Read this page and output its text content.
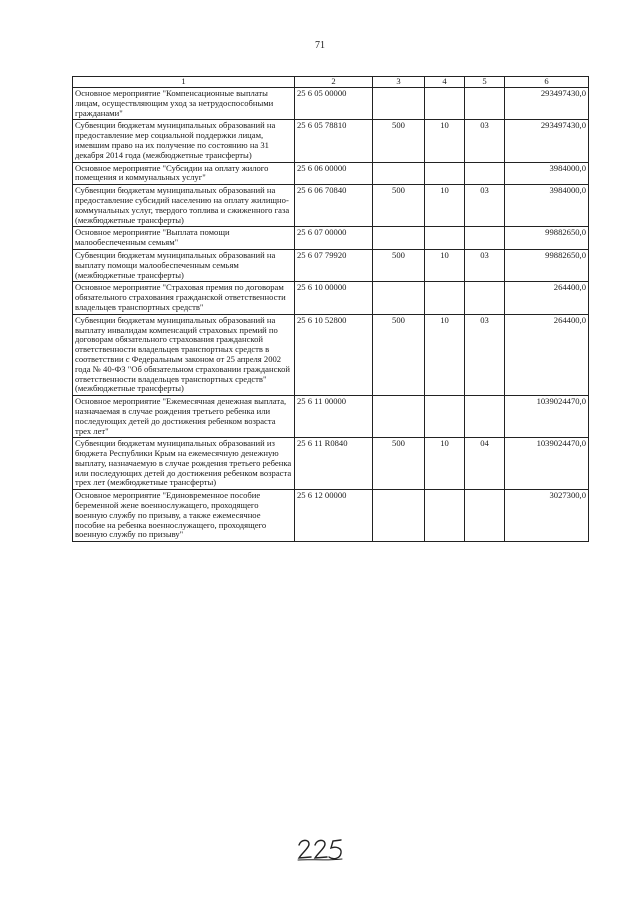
71
1	2	3	4	5	6
Основное мероприятие "Компенсационные выплаты лицам, осуществляющим уход за нетрудоспособными гражданами"	25 6 05 00000				293497430,0
Субвенции бюджетам муниципальных образований на предоставление мер социальной поддержки лицам, имевшим право на их получение по состоянию на 31 декабря 2014 года (межбюджетные трансферты)	25 6 05 78810	500	10	03	293497430,0
Основное мероприятие "Субсидии на оплату жилого помещения и коммунальных услуг"	25 6 06 00000				3984000,0
Субвенции бюджетам муниципальных образований на предоставление субсидий населению на оплату жилищно-коммунальных услуг, твердого топлива и сжиженного газа (межбюджетные трансферты)	25 6 06 70840	500	10	03	3984000,0
Основное мероприятие "Выплата помощи малообеспеченным семьям"	25 6 07 00000				99882650,0
Субвенции бюджетам муниципальных образований на выплату помощи малообеспеченным семьям (межбюджетные трансферты)	25 6 07 79920	500	10	03	99882650,0
Основное мероприятие "Страховая премия по договорам обязательного страхования гражданской ответственности владельцев транспортных средств"	25 6 10 00000				264400,0
Субвенции бюджетам муниципальных образований на выплату инвалидам компенсаций страховых премий по договорам обязательного страхования гражданской ответственности владельцев транспортных средств в соответствии с Федеральным законом от 25 апреля 2002 года № 40-ФЗ "Об обязательном страховании гражданской ответственности владельцев транспортных средств" (межбюджетные трансферты)	25 6 10 52800	500	10	03	264400,0
Основное мероприятие "Ежемесячная денежная выплата, назначаемая в случае рождения третьего ребенка или последующих детей до достижения ребенком возраста трех лет"	25 6 11 00000				1039024470,0
Субвенции бюджетам муниципальных образований из бюджета Республики Крым на ежемесячную денежную выплату, назначаемую в случае рождения третьего ребенка или последующих детей до достижения ребенком возраста трех лет (межбюджетные трансферты)	25 6 11 R0840	500	10	04	1039024470,0
Основное мероприятие "Единовременное пособие беременной жене военнослужащего, проходящего военную службу по призыву, а также ежемесячное пособие на ребенка военнослужащего, проходящего военную службу по призыву"	25 6 12 00000				3027300,0
